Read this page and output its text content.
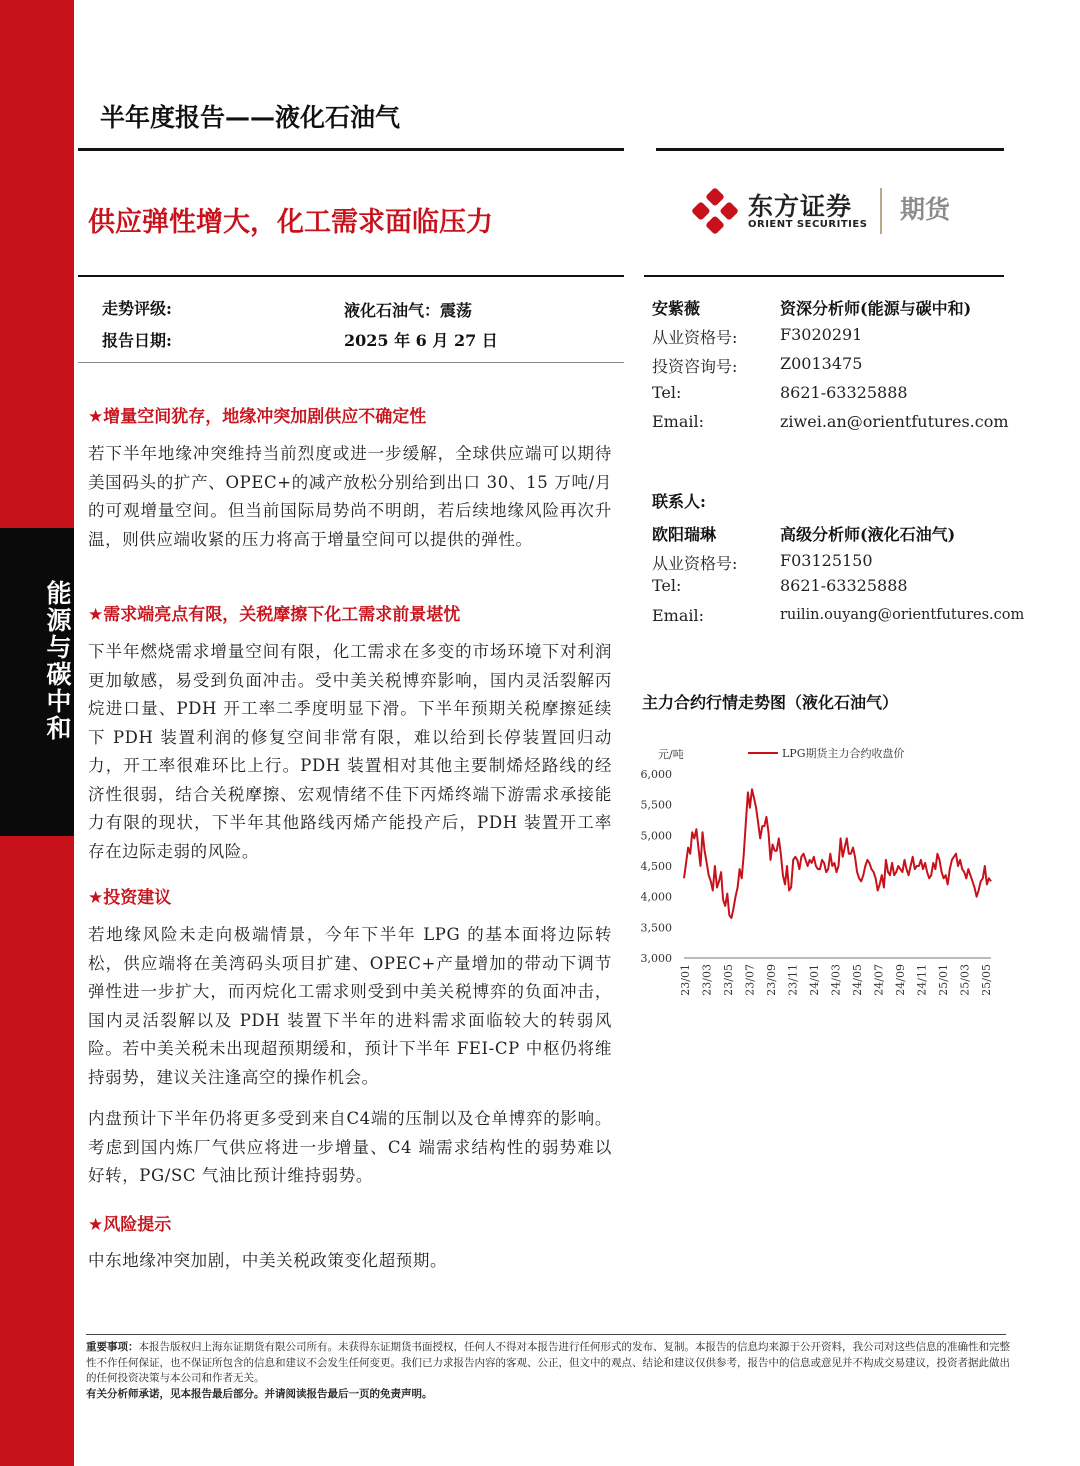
能源与碳中和
半年度报告——液化石油气
供应弹性增大，化工需求面临压力
东方证券
ORIENT SECURITIES
期货
走势评级:	液化石油气：震荡
报告日期:	2025 年 6 月 27 日
★增量空间犹存，地缘冲突加剧供应不确定性
若下半年地缘冲突维持当前烈度或进一步缓解，全球供应端可以期待美国码头的扩产、OPEC+的减产放松分别给到出口 30、15 万吨/月的可观增量空间。但当前国际局势尚不明朗，若后续地缘风险再次升温，则供应端收紧的压力将高于增量空间可以提供的弹性。
★需求端亮点有限，关税摩擦下化工需求前景堪忧
下半年燃烧需求增量空间有限，化工需求在多变的市场环境下对利润更加敏感，易受到负面冲击。受中美关税博弈影响，国内灵活裂解丙烷进口量、PDH 开工率二季度明显下滑。下半年预期关税摩擦延续下 PDH 装置利润的修复空间非常有限，难以给到长停装置回归动力，开工率很难环比上行。PDH 装置相对其他主要制烯烃路线的经济性很弱，结合关税摩擦、宏观情绪不佳下丙烯终端下游需求承接能力有限的现状，下半年其他路线丙烯产能投产后，PDH 装置开工率存在边际走弱的风险。
★投资建议
若地缘风险未走向极端情景，今年下半年 LPG 的基本面将边际转松，供应端将在美湾码头项目扩建、OPEC+产量增加的带动下调节弹性进一步扩大，而丙烷化工需求则受到中美关税博弈的负面冲击，国内灵活裂解以及 PDH 装置下半年的进料需求面临较大的转弱风险。若中美关税未出现超预期缓和，预计下半年 FEI-CP 中枢仍将维持弱势，建议关注逢高空的操作机会。
内盘预计下半年仍将更多受到来自C4端的压制以及仓单博弈的影响。考虑到国内炼厂气供应将进一步增量、C4 端需求结构性的弱势难以好转，PG/SC 气油比预计维持弱势。
★风险提示
中东地缘冲突加剧，中美关税政策变化超预期。
安紫薇	资深分析师(能源与碳中和)
从业资格号:	F3020291
投资咨询号:	Z0013475
Tel:	8621-63325888
Email:	ziwei.an@orientfutures.com
联系人:
欧阳瑞琳	高级分析师(液化石油气)
从业资格号:	F03125150
Tel:	8621-63325888
Email:	ruilin.ouyang@orientfutures.com
主力合约行情走势图（液化石油气）
元/吨	LPG期货主力合约收盘价
3,000
3,500
4,000
4,500
5,000
5,500
6,000
23/01 23/03 23/05 23/07 23/09 23/11 24/01 24/03 24/05 24/07 24/09 24/11 25/01 25/03 25/05
重要事项：本报告版权归上海东证期货有限公司所有。未获得东证期货书面授权，任何人不得对本报告进行任何形式的发布、复制。本报告的信息均来源于公开资料，我公司对这些信息的准确性和完整性不作任何保证，也不保证所包含的信息和建议不会发生任何变更。我们已力求报告内容的客观、公正，但文中的观点、结论和建议仅供参考，报告中的信息或意见并不构成交易建议，投资者据此做出的任何投资决策与本公司和作者无关。
有关分析师承诺，见本报告最后部分。并请阅读报告最后一页的免责声明。
